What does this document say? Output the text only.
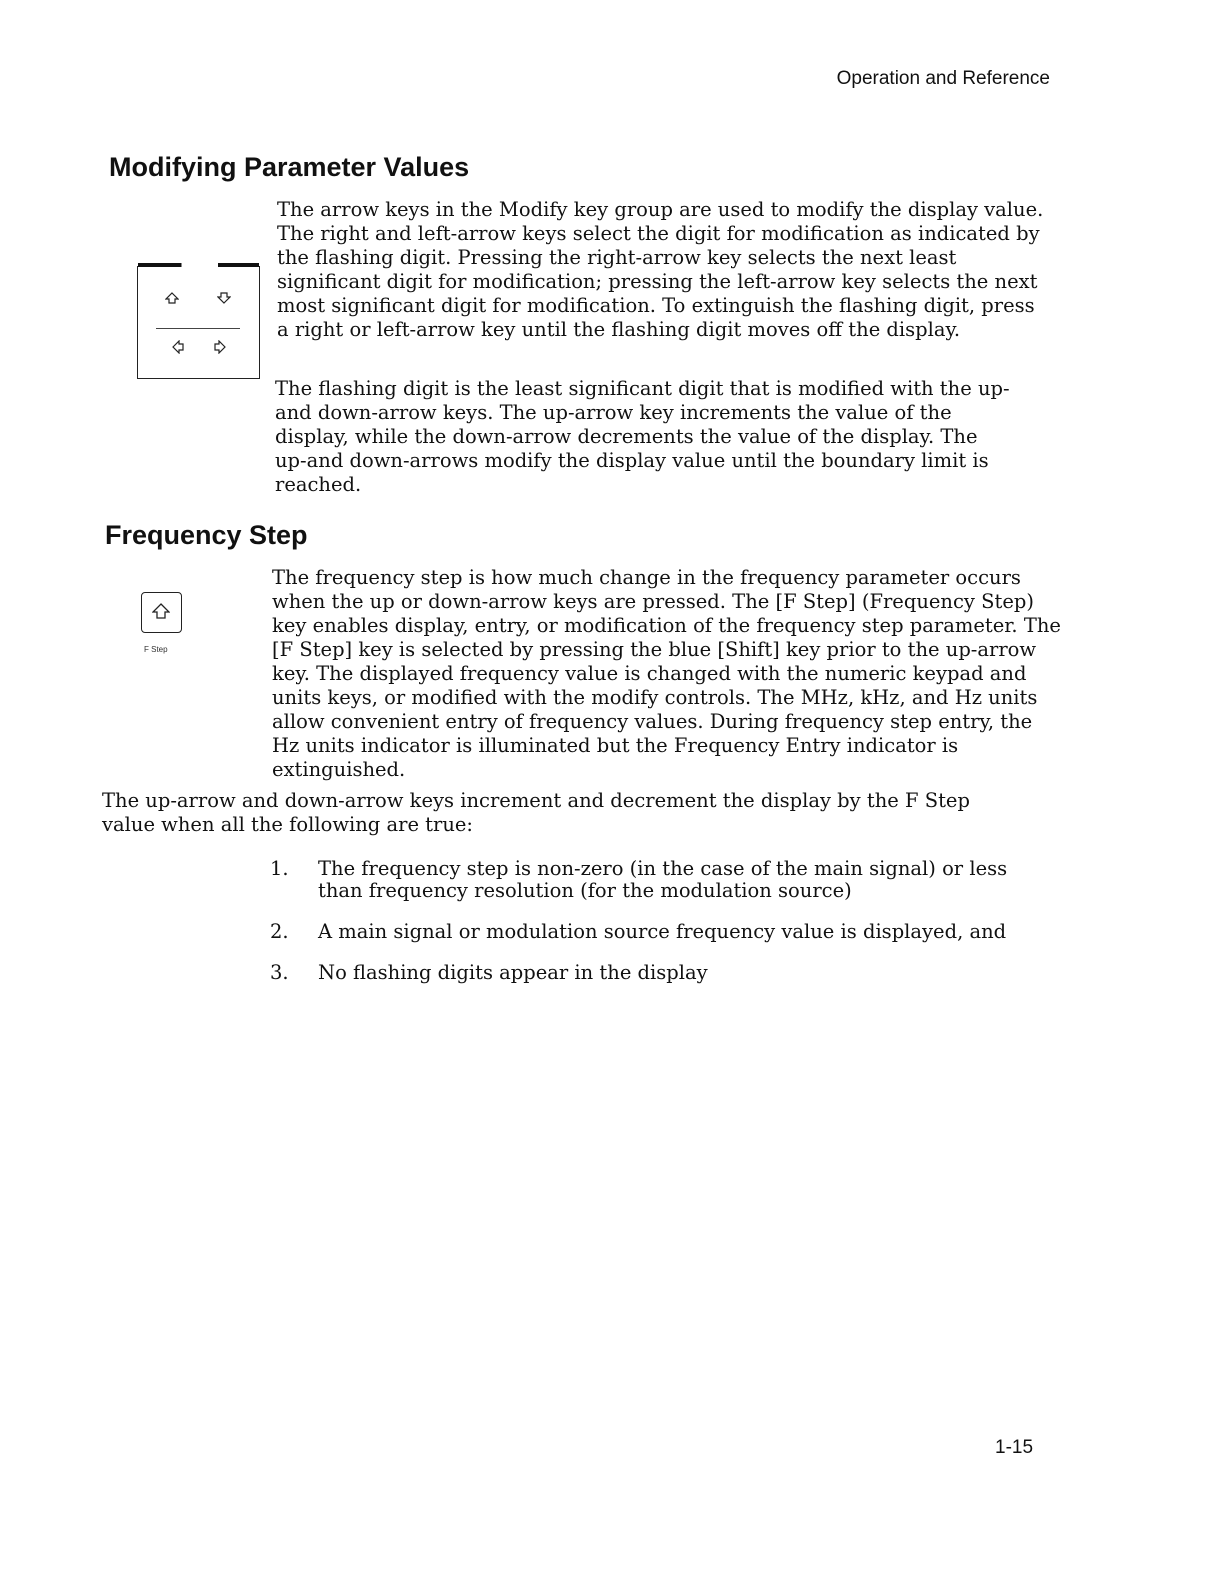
Operation and Reference
Modifying Parameter Values

The arrow keys in the Modify key group are used to modify the display value. The right and left-arrow keys select the digit for modification as indicated by the flashing digit. Pressing the right-arrow key selects the next least significant digit for modification; pressing the left-arrow key selects the next most significant digit for modification. To extinguish the flashing digit, press a right or left-arrow key until the flashing digit moves off the display.

The flashing digit is the least significant digit that is modified with the up- and down-arrow keys. The up-arrow key increments the value of the display, while the down-arrow decrements the value of the display. The up-and down-arrows modify the display value until the boundary limit is reached.

Frequency Step
F Step

The frequency step is how much change in the frequency parameter occurs when the up or down-arrow keys are pressed. The [F Step] (Frequency Step) key enables display, entry, or modification of the frequency step parameter. The [F Step] key is selected by pressing the blue [Shift] key prior to the up-arrow key. The displayed frequency value is changed with the numeric keypad and units keys, or modified with the modify controls. The MHz, kHz, and Hz units allow convenient entry of frequency values. During frequency step entry, the Hz units indicator is illuminated but the Frequency Entry indicator is extinguished.

The up-arrow and down-arrow keys increment and decrement the display by the F Step value when all the following are true:

1. The frequency step is non-zero (in the case of the main signal) or less than frequency resolution (for the modulation source)
2. A main signal or modulation source frequency value is displayed, and
3. No flashing digits appear in the display
1-15
